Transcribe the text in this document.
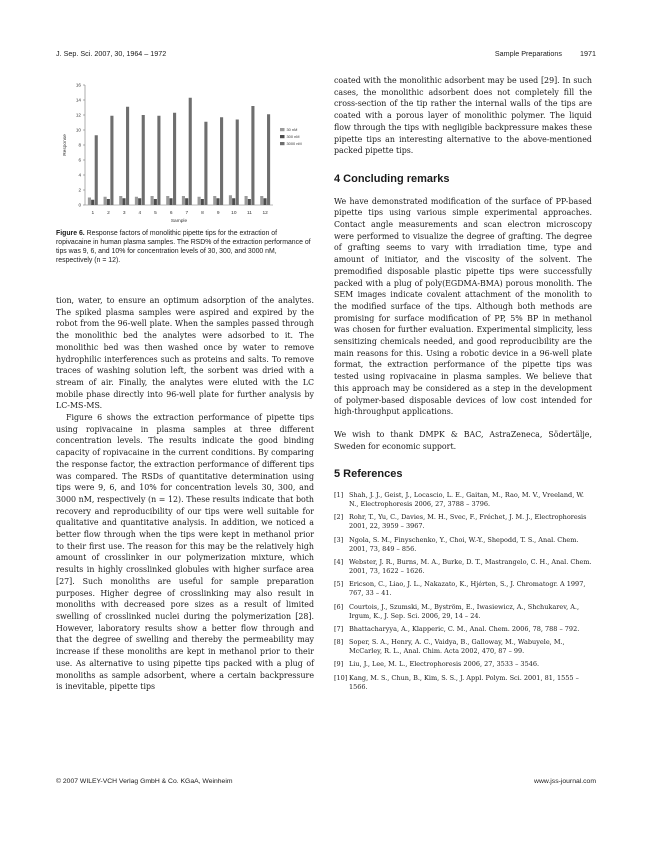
J. Sep. Sci. 2007, 30, 1964 – 1972	Sample Preparations	1971
0
2
4
6
8
10
12
14
16
1	2	3	4	5	6	7	8	9 10 11 12
Sample
Response
30 nM
300 nM
3000 nM
Figure 6. Response factors of monolithic pipette tips for the extraction of ropivacaine in human plasma samples. The RSD% of the extraction performance of tips was 9, 6, and 10% for concentration levels of 30, 300, and 3000 nM, respectively (n = 12).

tion, water, to ensure an optimum adsorption of the analytes. The spiked plasma samples were aspired and expired by the robot from the 96-well plate. When the samples passed through the monolithic bed the analytes were adsorbed to it. The monolithic bed was then washed once by water to remove hydrophilic interferences such as proteins and salts. To remove traces of washing solution left, the sorbent was dried with a stream of air. Finally, the analytes were eluted with the LC mobile phase directly into 96-well plate for further analysis by LC-MS-MS.

Figure 6 shows the extraction performance of pipette tips using ropivacaine in plasma samples at three different concentration levels. The results indicate the good binding capacity of ropivacaine in the current conditions. By comparing the response factor, the extraction performance of different tips was compared. The RSDs of quantitative determination using tips were 9, 6, and 10% for concentration levels 30, 300, and 3000 nM, respectively (n = 12). These results indicate that both recovery and reproducibility of our tips were well suitable for qualitative and quantitative analysis. In addition, we noticed a better flow through when the tips were kept in methanol prior to their first use. The reason for this may be the relatively high amount of crosslinker in our polymerization mixture, which results in highly crosslinked globules with higher surface area [27]. Such monoliths are useful for sample preparation purposes. Higher degree of crosslinking may also result in monoliths with decreased pore sizes as a result of limited swelling of crosslinked nuclei during the polymerization [28]. However, laboratory results show a better flow through and that the degree of swelling and thereby the permeability may increase if these monoliths are kept in methanol prior to their use. As alternative to using pipette tips packed with a plug of monoliths as sample adsorbent, where a certain backpressure is inevitable, pipette tips

coated with the monolithic adsorbent may be used [29]. In such cases, the monolithic adsorbent does not completely fill the cross-section of the tip rather the internal walls of the tips are coated with a porous layer of monolithic polymer. The liquid flow through the tips with negligible backpressure makes these pipette tips an interesting alternative to the above-mentioned packed pipette tips.

4 Concluding remarks

We have demonstrated modification of the surface of PP-based pipette tips using various simple experimental approaches. Contact angle measurements and scan electron microscopy were performed to visualize the degree of grafting. The degree of grafting seems to vary with irradiation time, type and amount of initiator, and the viscosity of the solvent. The premodified disposable plastic pipette tips were successfully packed with a plug of poly(EGDMA-BMA) porous monolith. The SEM images indicate covalent attachment of the monolith to the modified surface of the tips. Although both methods are promising for surface modification of PP, 5% BP in methanol was chosen for further evaluation. Experimental simplicity, less sensitizing chemicals needed, and good reproducibility are the main reasons for this. Using a robotic device in a 96-well plate format, the extraction performance of the pipette tips was tested using ropivacaine in plasma samples. We believe that this approach may be considered as a step in the development of polymer-based disposable devices of low cost intended for high-throughput applications.

We wish to thank DMPK & BAC, AstraZeneca, Södertälje, Sweden for economic support.

5 References
[1] Shah, J. J., Geist, J., Locascio, L. E., Gaitan, M., Rao, M. V., Vreeland, W. N., Electrophoresis 2006, 27, 3788 – 3796.
[2] Rohr, T., Yu, C., Davies, M. H., Svec, F., Fréchet, J. M. J., Electrophoresis 2001, 22, 3959 – 3967.
[3] Ngola, S. M., Finyschenko, Y., Choi, W.-Y., Shepodd, T. S., Anal. Chem. 2001, 73, 849 – 856.
[4] Webster, J. R., Burns, M. A., Burke, D. T., Mastrangelo, C. H., Anal. Chem. 2001, 73, 1622 – 1626.
[5] Ericson, C., Liao, J. L., Nakazato, K., Hjérten, S., J. Chromatogr. A 1997, 767, 33 – 41.
[6] Courtois, J., Szumski, M., Byström, E., Iwasiewicz, A., Shchukarev, A., Irgum, K., J. Sep. Sci. 2006, 29, 14 – 24.
[7] Bhattacharyya, A., Klapperic, C. M., Anal. Chem. 2006, 78, 788 – 792.
[8] Soper, S. A., Henry, A. C., Vaidya, B., Galloway, M., Wabuyele, M., McCarley, R. L., Anal. Chim. Acta 2002, 470, 87 – 99.
[9] Liu, J., Lee, M. L., Electrophoresis 2006, 27, 3533 – 3546.
[10] Kang, M. S., Chun, B., Kim, S. S., J. Appl. Polym. Sci. 2001, 81, 1555 – 1566.
© 2007 WILEY-VCH Verlag GmbH & Co. KGaA, Weinheim	www.jss-journal.com
